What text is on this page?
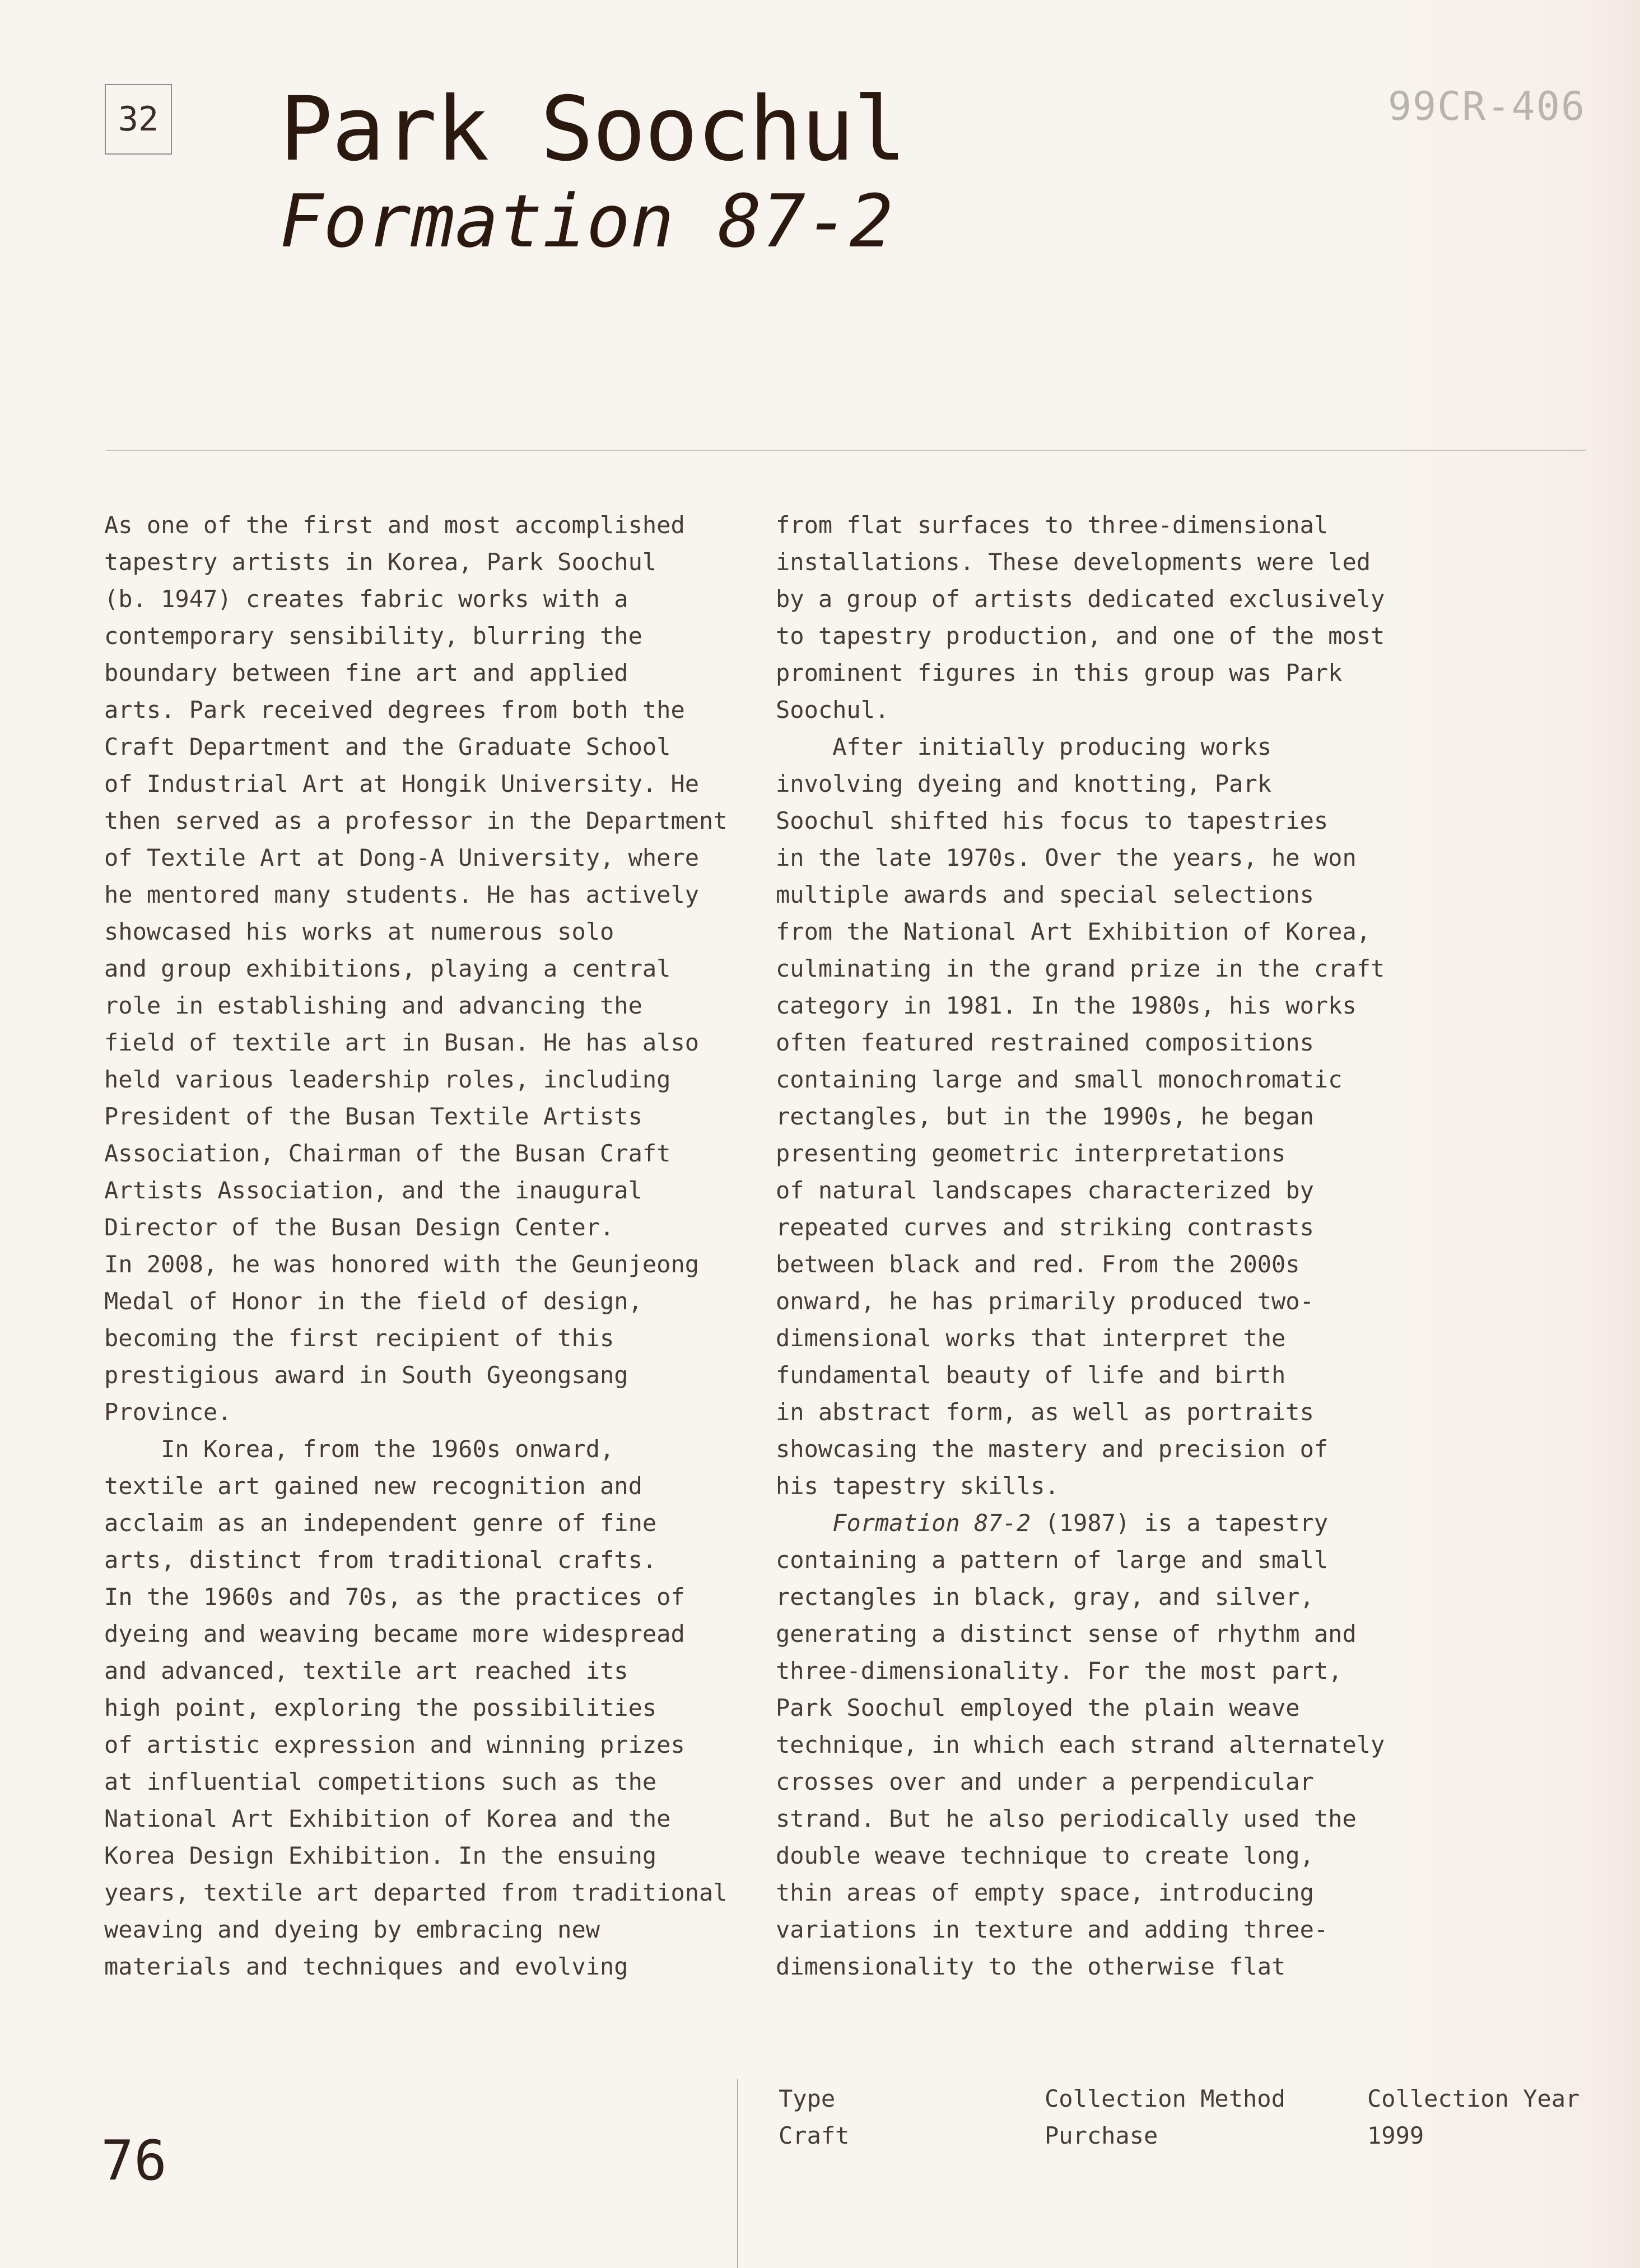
32 Park Soochul
Formation 87-2
99CR-406
As one of the first and most accomplished
tapestry artists in Korea, Park Soochul
(b. 1947) creates fabric works with a
contemporary sensibility, blurring the
boundary between fine art and applied
arts. Park received degrees from both the
Craft Department and the Graduate School
of Industrial Art at Hongik University. He
then served as a professor in the Department
of Textile Art at Dong-A University, where
he mentored many students. He has actively
showcased his works at numerous solo
and group exhibitions, playing a central
role in establishing and advancing the
field of textile art in Busan. He has also
held various leadership roles, including
President of the Busan Textile Artists
Association, Chairman of the Busan Craft
Artists Association, and the inaugural
Director of the Busan Design Center.
In 2008, he was honored with the Geunjeong
Medal of Honor in the field of design,
becoming the first recipient of this
prestigious award in South Gyeongsang
Province.
In Korea, from the 1960s onward,
textile art gained new recognition and
acclaim as an independent genre of fine
arts, distinct from traditional crafts.
In the 1960s and 70s, as the practices of
dyeing and weaving became more widespread
and advanced, textile art reached its
high point, exploring the possibilities
of artistic expression and winning prizes
at influential competitions such as the
National Art Exhibition of Korea and the
Korea Design Exhibition. In the ensuing
years, textile art departed from traditional
weaving and dyeing by embracing new
materials and techniques and evolving
from flat surfaces to three-dimensional
installations. These developments were led
by a group of artists dedicated exclusively
to tapestry production, and one of the most
prominent figures in this group was Park
Soochul.
After initially producing works
involving dyeing and knotting, Park
Soochul shifted his focus to tapestries
in the late 1970s. Over the years, he won
multiple awards and special selections
from the National Art Exhibition of Korea,
culminating in the grand prize in the craft
category in 1981. In the 1980s, his works
often featured restrained compositions
containing large and small monochromatic
rectangles, but in the 1990s, he began
presenting geometric interpretations
of natural landscapes characterized by
repeated curves and striking contrasts
between black and red. From the 2000s
onward, he has primarily produced two-
dimensional works that interpret the
fundamental beauty of life and birth
in abstract form, as well as portraits
showcasing the mastery and precision of
his tapestry skills.
Formation 87-2 (1987) is a tapestry
containing a pattern of large and small
rectangles in black, gray, and silver,
generating a distinct sense of rhythm and
three-dimensionality. For the most part,
Park Soochul employed the plain weave
technique, in which each strand alternately
crosses over and under a perpendicular
strand. But he also periodically used the
double weave technique to create long,
thin areas of empty space, introducing
variations in texture and adding three-
dimensionality to the otherwise flat
76
Type
Craft
Collection Method
Purchase
Collection Year
1999
